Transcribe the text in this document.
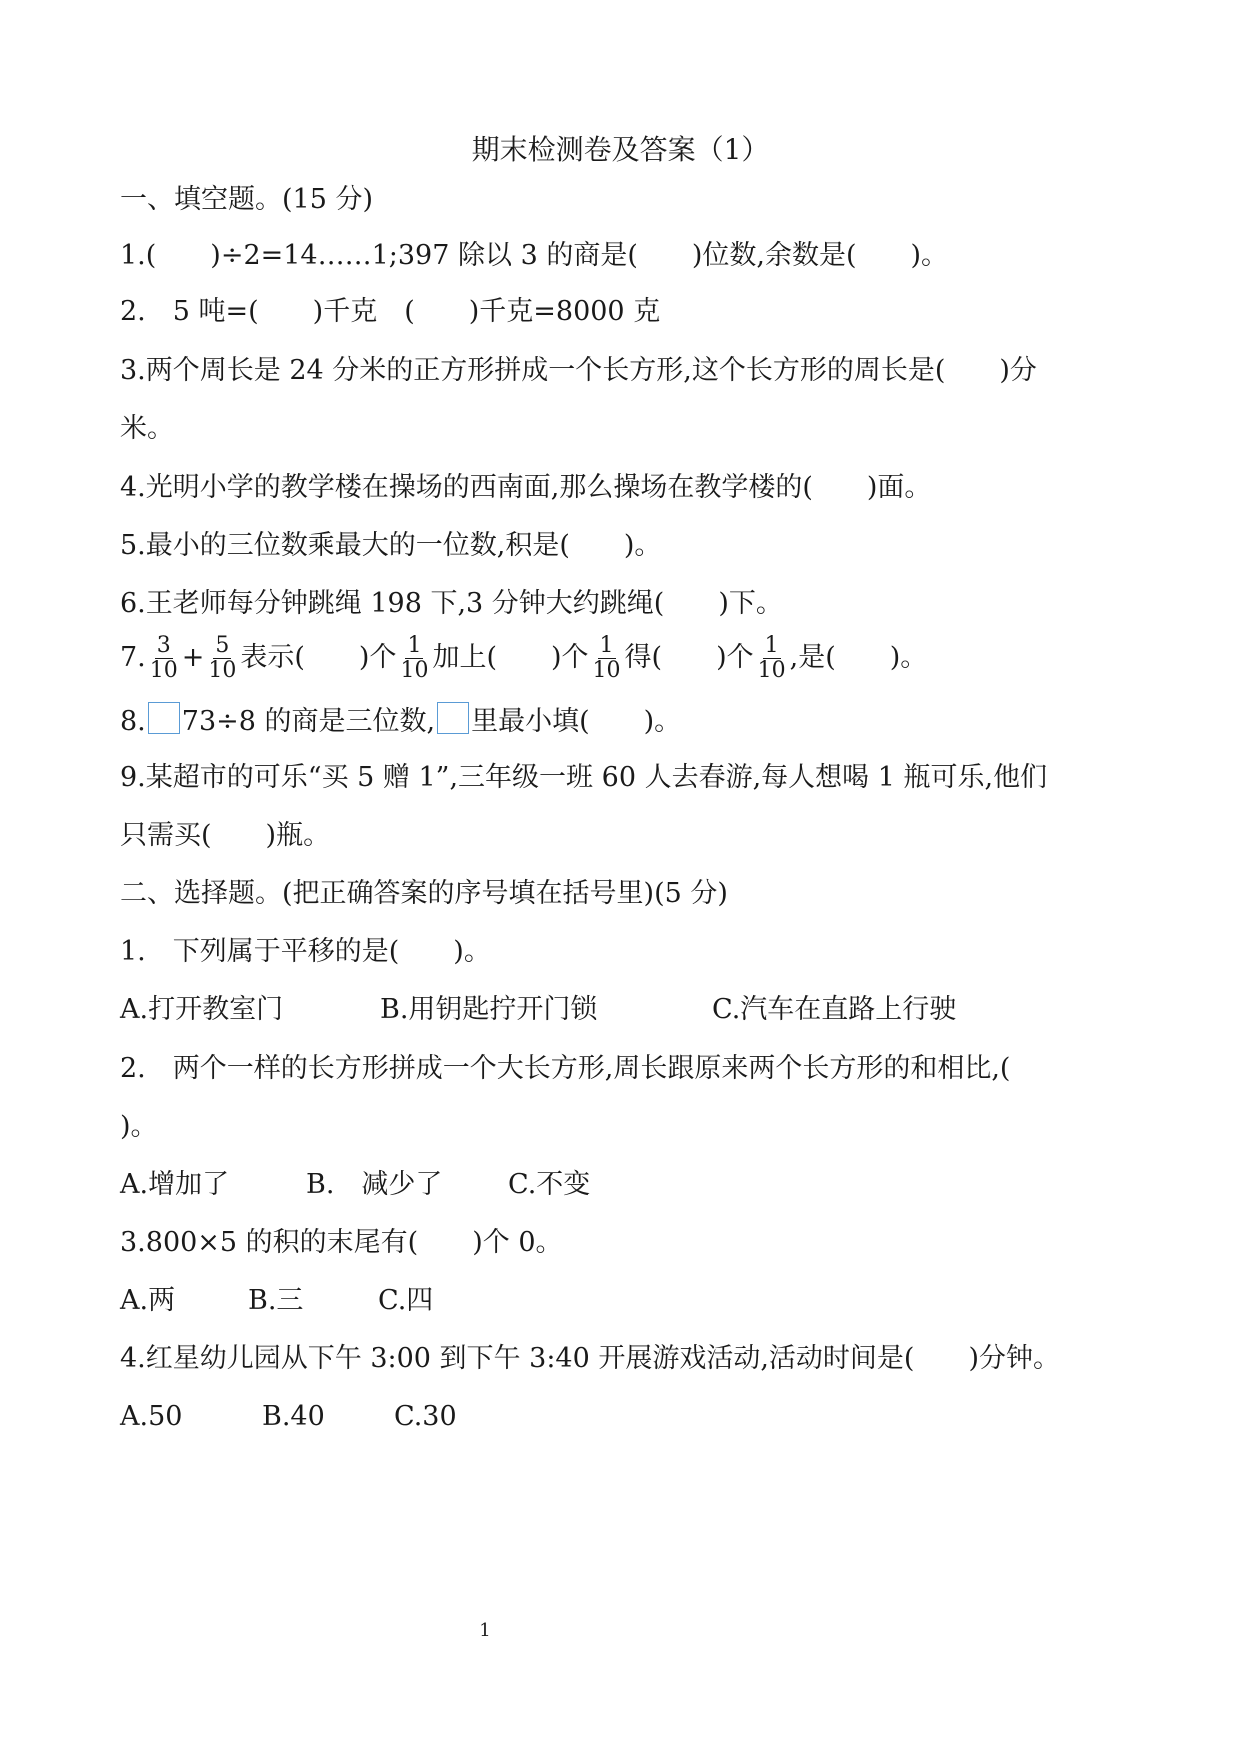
期末检测卷及答案（1）
一、填空题。(15 分)
1.(　　)÷2=14……1;397 除以 3 的商是(　　)位数,余数是(　　)。
2.　5 吨=(　　)千克　(　　)千克=8000 克
3.两个周长是 24 分米的正方形拼成一个长方形,这个长方形的周长是(　　)分
米。
4.光明小学的教学楼在操场的西南面,那么操场在教学楼的(　　)面。
5.最小的三位数乘最大的一位数,积是(　　)。
6.王老师每分钟跳绳 198 下,3 分钟大约跳绳(　　)下。
7. $\frac{3}{10} + \frac{5}{10}$ 表示(　　)个 $\frac{1}{10}$ 加上(　　)个 $\frac{1}{10}$ 得(　　)个 $\frac{1}{10}$ ,是(　　)。
8. 73÷8 的商是三位数, 里最小填(　　)。
9.某超市的可乐“买 5 赠 1”,三年级一班 60 人去春游,每人想喝 1 瓶可乐,他们
只需买(　　)瓶。
二、选择题。(把正确答案的序号填在括号里)(5 分)
1.　下列属于平移的是(　　)。
A.打开教室门	B.用钥匙拧开门锁	C.汽车在直路上行驶
2.　两个一样的长方形拼成一个大长方形,周长跟原来两个长方形的和相比,(
)。
A.增加了	B.　减少了 C.不变
3.800×5 的积的末尾有(　　)个 0。
A.两	B.三	C.四
4.红星幼儿园从下午 3:00 到下午 3:40 开展游戏活动,活动时间是(　　)分钟。
A.50	B.40	C.30
1
